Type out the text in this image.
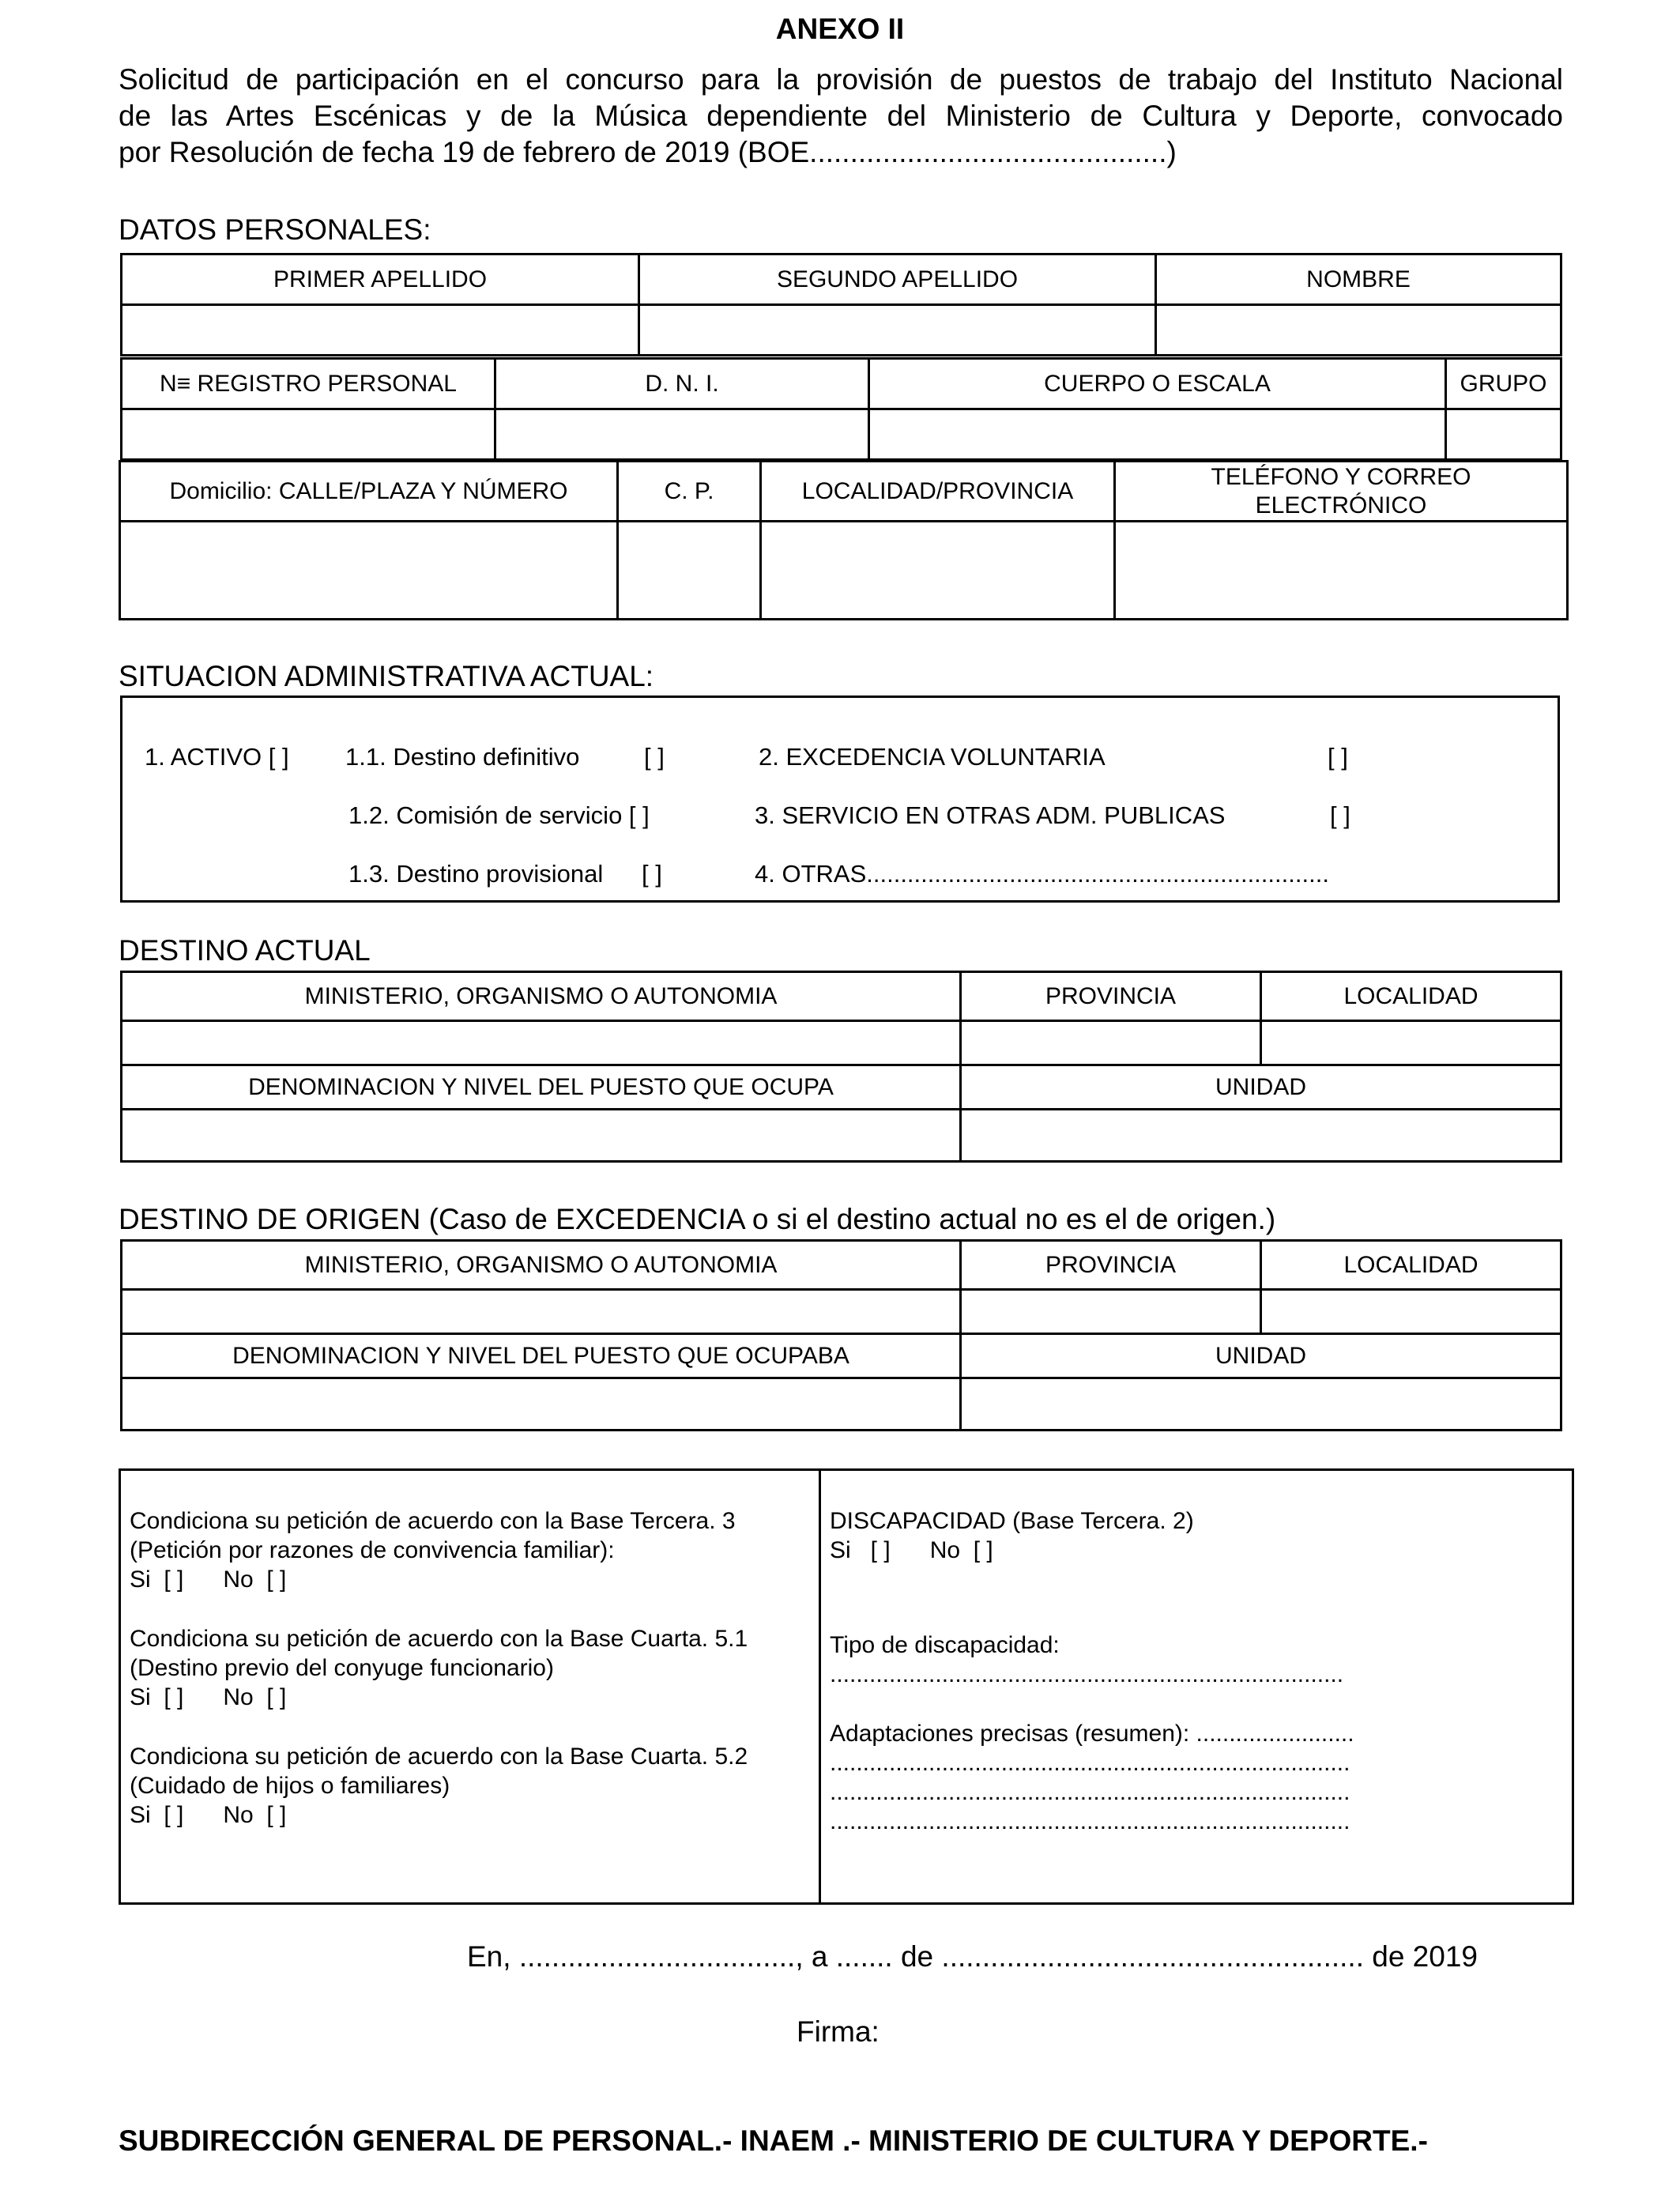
ANEXO II
Solicitud de participación en el concurso para la provisión de puestos de trabajo del Instituto Nacional
de las Artes Escénicas y de la Música dependiente del Ministerio de Cultura y Deporte, convocado
por Resolución de fecha 19 de febrero de 2019 (BOE............................................)
DATOS PERSONALES:
PRIMER APELLIDO	SEGUNDO APELLIDO	NOMBRE

N≡ REGISTRO PERSONAL	D. N. I.	CUERPO O ESCALA	GRUPO

Domicilio: CALLE/PLAZA Y NÚMERO	C. P.	LOCALIDAD/PROVINCIA	TELÉFONO Y CORREO
ELECTRÓNICO

SITUACION ADMINISTRATIVA ACTUAL:
1. ACTIVO [ ] 1.1. Destino definitivo	[ ]	2. EXCEDENCIA VOLUNTARIA	[ ]
1.2. Comisión de servicio [ ]	3. SERVICIO EN OTRAS ADM. PUBLICAS	[ ]
1.3. Destino provisional [ ]	4. OTRAS....................................................................
DESTINO ACTUAL
MINISTERIO, ORGANISMO O AUTONOMIA	PROVINCIA	LOCALIDAD

DENOMINACION Y NIVEL DEL PUESTO QUE OCUPA	UNIDAD	

DESTINO DE ORIGEN (Caso de EXCEDENCIA o si el destino actual no es el de origen.)
MINISTERIO, ORGANISMO O AUTONOMIA	PROVINCIA	LOCALIDAD

DENOMINACION Y NIVEL DEL PUESTO QUE OCUPABA	UNIDAD	

Condiciona su petición de acuerdo con la Base Tercera. 3
(Petición por razones de convivencia familiar):
Si  [ ]      No  [ ]
Condiciona su petición de acuerdo con la Base Cuarta. 5.1
(Destino previo del conyuge funcionario)
Si  [ ]      No  [ ]
Condiciona su petición de acuerdo con la Base Cuarta. 5.2
(Cuidado de hijos o familiares)
Si  [ ]      No  [ ]
DISCAPACIDAD (Base Tercera. 2)
Si   [ ]      No  [ ]
Tipo de discapacidad:
..............................................................................
Adaptaciones precisas (resumen): ........................
...............................................................................
...............................................................................
...............................................................................
En, .................................., a ....... de .................................................... de 2019
Firma:
SUBDIRECCIÓN GENERAL DE PERSONAL.- INAEM .- MINISTERIO DE CULTURA Y DEPORTE.-
